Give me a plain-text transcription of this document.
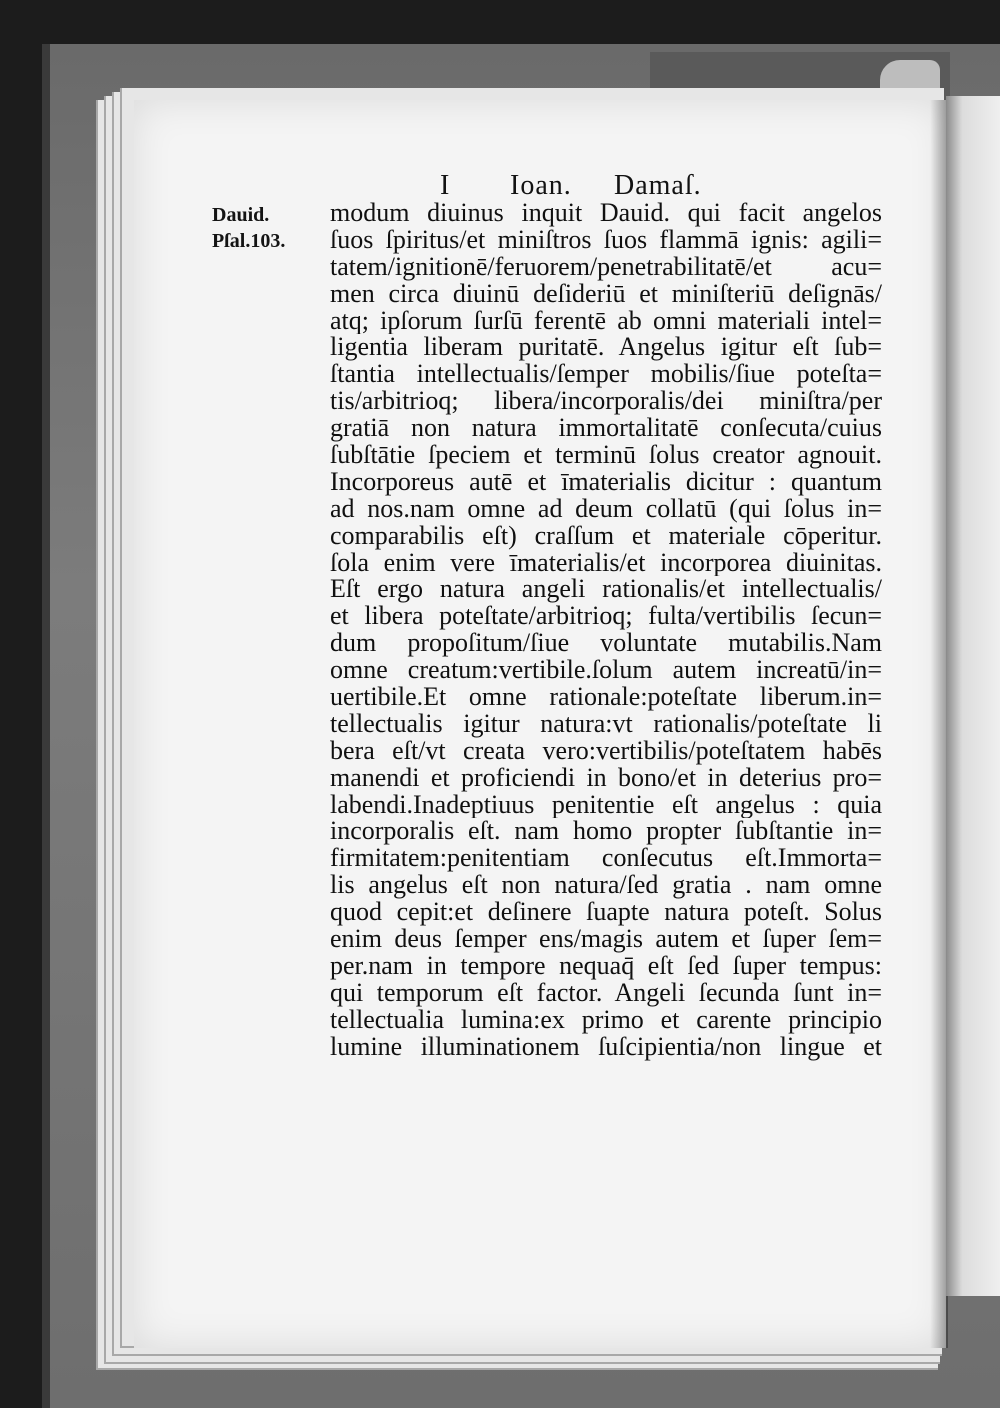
I Ioan. Damaſ.
Dauid.
Pſal.103.
modum diuinus inquit Dauid. qui facit angelos
ſuos ſpiritus/et miniſtros ſuos flammā ignis: agili=
tatem/ignitionē/feruorem/penetrabilitatē/et acu=
men circa diuinū deſideriū et miniſteriū deſignās/
atq; ipſorum ſurſū ferentē ab omni materiali intel=
ligentia liberam puritatē. Angelus igitur eſt ſub=
ſtantia intellectualis/ſemper mobilis/ſiue poteſta=
tis/arbitrioq; libera/incorporalis/dei miniſtra/per
gratiā non natura immortalitatē conſecuta/cuius
ſubſtātie ſpeciem et terminū ſolus creator agnouit.
Incorporeus autē et īmaterialis dicitur : quantum
ad nos.nam omne ad deum collatū (qui ſolus in=
comparabilis eſt) craſſum et materiale cōperitur.
ſola enim vere īmaterialis/et incorporea diuinitas.
Eſt ergo natura angeli rationalis/et intellectualis/
et libera poteſtate/arbitrioq; fulta/vertibilis ſecun=
dum propoſitum/ſiue voluntate mutabilis.Nam
omne creatum:vertibile.ſolum autem increatū/in=
uertibile.Et omne rationale:poteſtate liberum.in=
tellectualis igitur natura:vt rationalis/poteſtate li
bera eſt/vt creata vero:vertibilis/poteſtatem habēs
manendi et proficiendi in bono/et in deterius pro=
labendi.Inadeptiuus penitentie eſt angelus : quia
incorporalis eſt. nam homo propter ſubſtantie in=
firmitatem:penitentiam conſecutus eſt.Immorta=
lis angelus eſt non natura/ſed gratia . nam omne
quod cepit:et deſinere ſuapte natura poteſt. Solus
enim deus ſemper ens/magis autem et ſuper ſem=
per.nam in tempore nequaq̄ eſt ſed ſuper tempus:
qui temporum eſt factor. Angeli ſecunda ſunt in=
tellectualia lumina:ex primo et carente principio
lumine illuminationem ſuſcipientia/non lingue et
